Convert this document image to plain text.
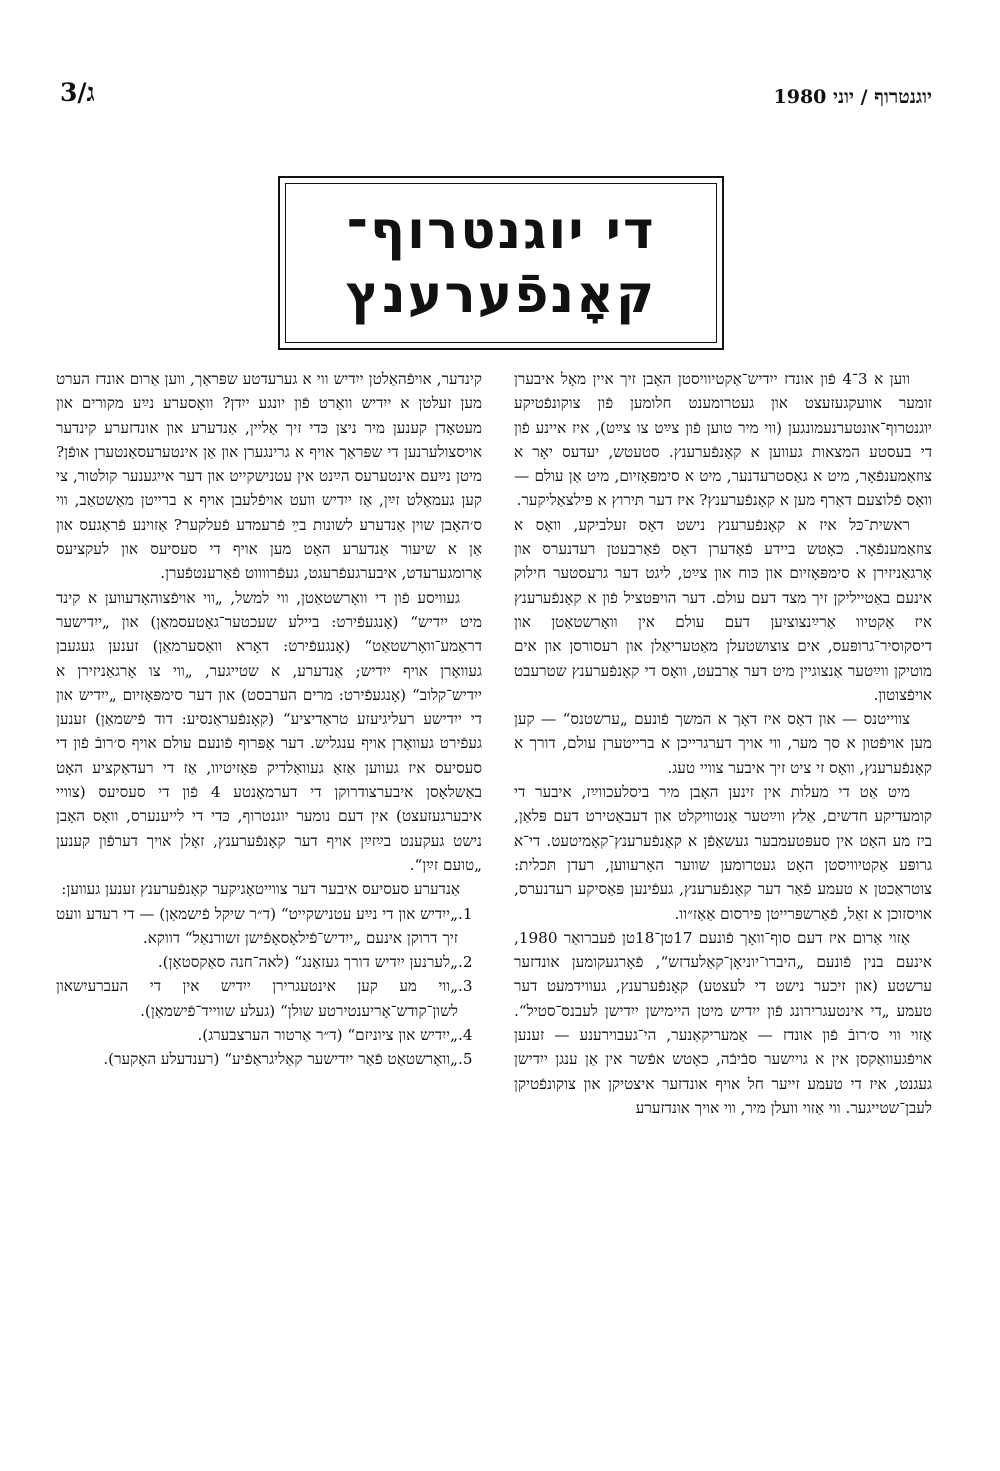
ג/3	יוגנטרוף / יוני 1980
די יוגנטרוף־
קאָנפֿערענץ

ווען א 3־4 פֿון אונדז ייִדיש־אַקטיוויסטן האָבן זיך איין מאָל איבערן זומער אוועקגעזעצט און געטרומענט חלומען פֿון צוקונפֿטיקע יוגנטרוף־אונטערנעמונגען (ווי מיר טוען פֿון צײַט צו צײַט), איז איינע פֿון די בעסטע המצאות געווען א קאָנפֿערענץ. סטעטש, יעדעס יאָר א צוזאַמענפֿאָר, מיט א גאַסטרעדנער, מיט א סימפּאָזיום, מיט אַן עולם — וואָס פֿלוצעם דאַרף מען א קאָנפֿערענץ? איז דער תּירוץ א פּילצאַליקער.

ראשית־כּל איז א קאָנפֿערענץ נישט דאָס זעלביקע, וואָס א צוזאַמענפֿאָר. כאָטש ביידע פֿאָדערן דאָס פֿאַרבעטן רעדנערס און אָרגאַניזירן א סימפּאָזיום און כּוח און צײַט, ליגט דער גרעסטער חילוק אינעם באַטייליקן זיך מצד דעם עולם. דער הויפּטציל פֿון א קאָנפֿערענץ איז אַקטיוו אַרײַנצוציִען דעם עולם אין וואָרשטאַטן און דיסקוסיר־גרופּעס, אים צוצושטעלן מאַטעריאַלן און רעסורסן און אים מוטיקן ווײַטער אַנצוגיין מיט דער אַרבעט, וואָס די קאָנפֿערענץ שטרעבט אויפֿצוטון.

צווייטנס — און דאָס איז דאָך א המשך פֿונעם „ערשטנס“ — קען מען אויפֿטון א סך מער, ווי אויך דערגרייכן א ברייטערן עולם, דורך א קאָנפֿערענץ, וואָס זי ציט זיך איבער צוויי טעג.

מיט אַט די מעלות אין זינען האָבן מיר ביסלעכווײַז, איבער די קומעדיקע חדשים, אַלץ ווײַטער אַנטוויקלט און דעבאַטירט דעם פּלאַן, ביז מע האָט אין סעפּטעמבער געשאַפֿן א קאָנפֿערענץ־קאָמיטעט. די־א גרופּע אַקטיוויסטן האָט געטרומען שווער האָרעווען, רעדן תּכלית: צוטראַכטן א טעמע פֿאַר דער קאָנפֿערענץ, געפֿינען פּאַסיקע רעדנערס, אויסזוכן א זאַל, פֿאַרשפּרייטן פּירסום אַאַז״וו.

אַזוי אַרום איז דעם סוף־וואָך פֿונעם 17טן־18טן פֿעברואַר 1980, אינעם בנין פֿונעם „היברו־יוניאָן־קאַלעדזש“, פֿאָרגעקומען אונדזער ערשטע (און זיכער נישט די לעצטע) קאָנפֿערענץ, געווידמעט דער טעמע „די אינטעגרירונג פֿון ייִדיש מיטן היימישן ייִדישן לעבנס־סטיל“. אַזוי ווי ס׳רובֿ פֿון אונדז — אַמעריקאַנער, הי־געבוירענע — זענען אויפֿגעוואַקסן אין א גוייִשער סבֿיבֿה, כאָטש אפֿשר אין אַן ענגן ייִדישן געגנט, איז די טעמע זייער חל אויף אונדזער איצטיקן און צוקונפֿטיקן לעבן־שטייגער. ווי אַזוי וועלן מיר, ווי אויך אונדזערע

קינדער, אויפֿהאַלטן ייִדיש ווי א גערעדטע שפּראַך, ווען אַרום אונדז הערט מען זעלטן א ייִדיש וואָרט פֿון יונגע ייִדן? וואָסערע נײַע מקורים און מעטאָדן קענען מיר ניצן כּדי זיך אַליין, אַנדערע און אונדזערע קינדער אויסצולערנען די שפּראַך אויף א גרינגערן און אַן אינטערעסאַנטערן אופֿן? מיטן נײַעם אינטערעס הײַנט אין עטנישקייט און דער אייגענער קולטור, צי קען געמאָלט זײַן, אַז ייִדיש וועט אויפֿלעבן אויף א ברייטן מאַשטאַב, ווי ס׳האָבן שוין אַנדערע לשונות בײַ פֿרעמדע פֿעלקער? אַזוינע פֿראַגעס און אַן א שיעור אַנדערע האָט מען אויף די סעסיעס און לעקציעס אַרומגערעדט, איבערגעפֿרעגט, געפֿרווווט פֿאַרענטפֿערן.

געוויסע פֿון די וואָרשטאַטן, ווי למשל, „ווי אויפֿצוהאָדעווען א קינד מיט ייִדיש“ (אָנגעפֿירט: ביילע שעכטער־גאָטעסמאַן) און „ייִדישער דראַמע־וואָרשטאַט“ (אָנגעפֿירט: דאָרא וואַסערמאַן) זענען געגעבן געוואָרן אויף ייִדיש; אַנדערע, א שטייגער, „ווי צו אָרגאַניזירן א ייִדיש־קלוב“ (אָנגעפֿירט: מרים הערבסט) און דער סימפּאָזיום „ייִדיש און די ייִדישע רעליגיעזע טראַדיציע“ (קאָנפֿעראַנסיע: דוד פֿישמאַן) זענען געפֿירט געוואָרן אויף ענגליש. דער אָפּרוף פֿונעם עולם אויף ס׳רובֿ פֿון די סעסיעס איז געווען אַזאַ געוואַלדיק פּאָזיטיוו, אַז די רעדאַקציע האָט באַשלאָסן איבערצודרוקן די דערמאָנטע 4 פֿון די סעסיעס (צוויי איבערגעזעצט) אין דעם נומער יוגנטרוף, כּדי די לייענערס, וואָס האָבן נישט געקענט בײַזײַן אויף דער קאָנפֿערענץ, זאָלן אויך דערפֿון קענען „טועם זײַן“.

אַנדערע סעסיעס איבער דער צווייטאָגיקער קאָנפֿערענץ זענען געווען:

.1
„ייִדיש און די נײַע עטנישקייט“ (ד״ר שיקל פֿישמאַן) — די רעדע וועט זיך דרוקן אינעם „ייִדיש־פֿילאָסאָפֿישן זשורנאַל“ דווקא.
.2
„לערנען ייִדיש דורך געזאַנג“ (לאה־חנה סאַקסטאָן).
.3
„ווי מע קען אינטעגרירן ייִדיש אין די העברעיִשאון לשון־קודש־אָריענטירטע שולן“ (געלע שווייד־פֿישמאַן).
.4
„ייִדיש און ציוניזם“ (ד״ר אַרטור הערצבערג).
.5
„וואָרשטאַט פֿאַר ייִדישער קאַליגראַפֿיע“ (רענדעלע האָקער).
